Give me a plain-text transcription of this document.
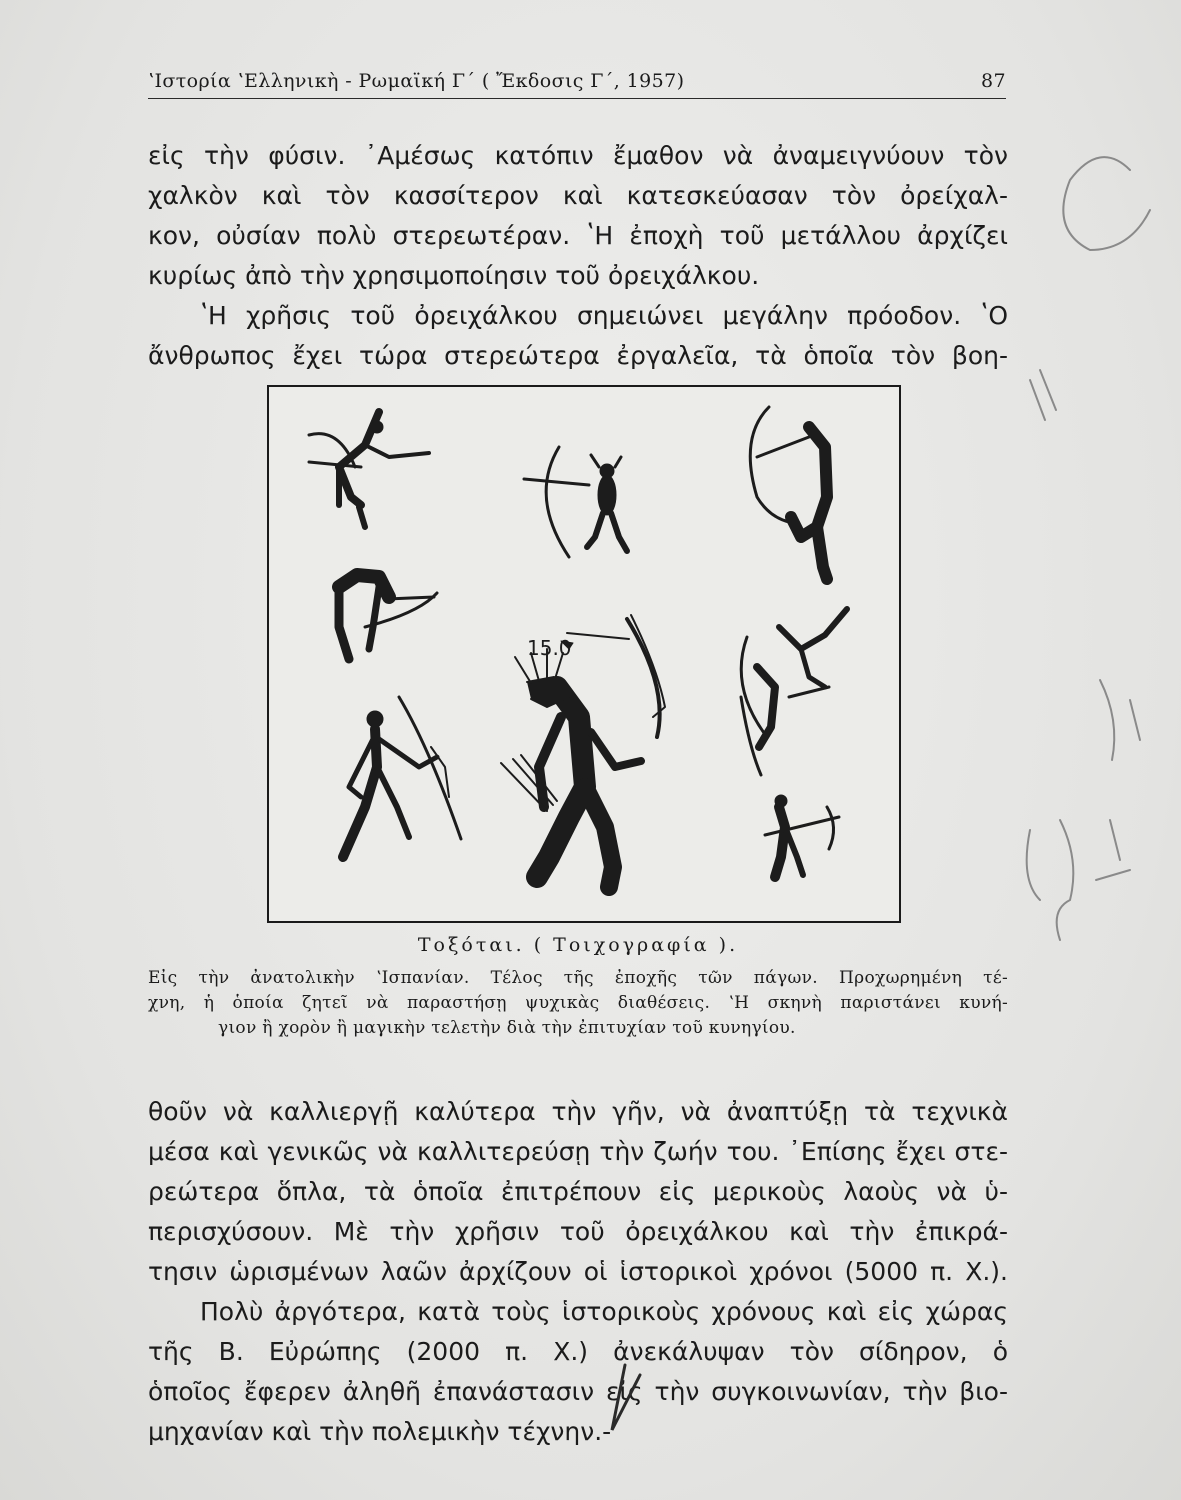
ʽΙστορία ʽΕλληνικὴ - Ρωμαϊκή Γ΄ ( Ἔκδοσις Γ΄, 1957)	87
εἰς τὴν φύσιν. ᾿Αμέσως κατόπιν ἔμαθον νὰ ἀναμειγνύουν τὸν
χαλκὸν καὶ τὸν κασσίτερον καὶ κατεσκεύασαν τὸν ὀρείχαλ-
κον, οὐσίαν πολὺ στερεωτέραν. ʽΗ ἐποχὴ τοῦ μετάλλου ἀρχίζει
κυρίως ἀπὸ τὴν χρησιμοποίησιν τοῦ ὀρειχάλκου.
ʽΗ χρῆσις τοῦ ὀρειχάλκου σημειώνει μεγάλην πρόοδον. ʽΟ
ἄνθρωπος ἔχει τώρα στερεώτερα ἐργαλεῖα, τὰ ὁποῖα τὸν βοη-
15.0
Τοξόται. ( Τοιχογραφία ).
Εἰς τὴν ἀνατολικὴν ʽΙσπανίαν. Τέλος τῆς ἐποχῆς τῶν πάγων. Προχωρημένη τέ-
χνη, ἡ ὁποία ζητεῖ νὰ παραστήσῃ ψυχικὰς διαθέσεις. ʽΗ σκηνὴ παριστάνει κυνή-
γιον ἢ χορὸν ἢ μαγικὴν τελετὴν διὰ τὴν ἐπιτυχίαν τοῦ κυνηγίου.
θοῦν νὰ καλλιεργῇ καλύτερα τὴν γῆν, νὰ ἀναπτύξῃ τὰ τεχνικὰ
μέσα καὶ γενικῶς νὰ καλλιτερεύσῃ τὴν ζωήν του. ᾿Επίσης ἔχει στε-
ρεώτερα ὅπλα, τὰ ὁποῖα ἐπιτρέπουν εἰς μερικοὺς λαοὺς νὰ ὑ-
περισχύσουν. Μὲ τὴν χρῆσιν τοῦ ὀρειχάλκου καὶ τὴν ἐπικρά-
τησιν ὡρισμένων λαῶν ἀρχίζουν οἱ ἱστορικοὶ χρόνοι (5000 π. Χ.).
Πολὺ ἀργότερα, κατὰ τοὺς ἱστορικοὺς χρόνους καὶ εἰς χώρας
τῆς Β. Εὐρώπης (2000 π. Χ.) ἀνεκάλυψαν τὸν σίδηρον, ὁ
ὁποῖος ἔφερεν ἀληθῆ ἐπανάστασιν εἰς τὴν συγκοινωνίαν, τὴν βιο-
μηχανίαν καὶ τὴν πολεμικὴν τέχνην.-
